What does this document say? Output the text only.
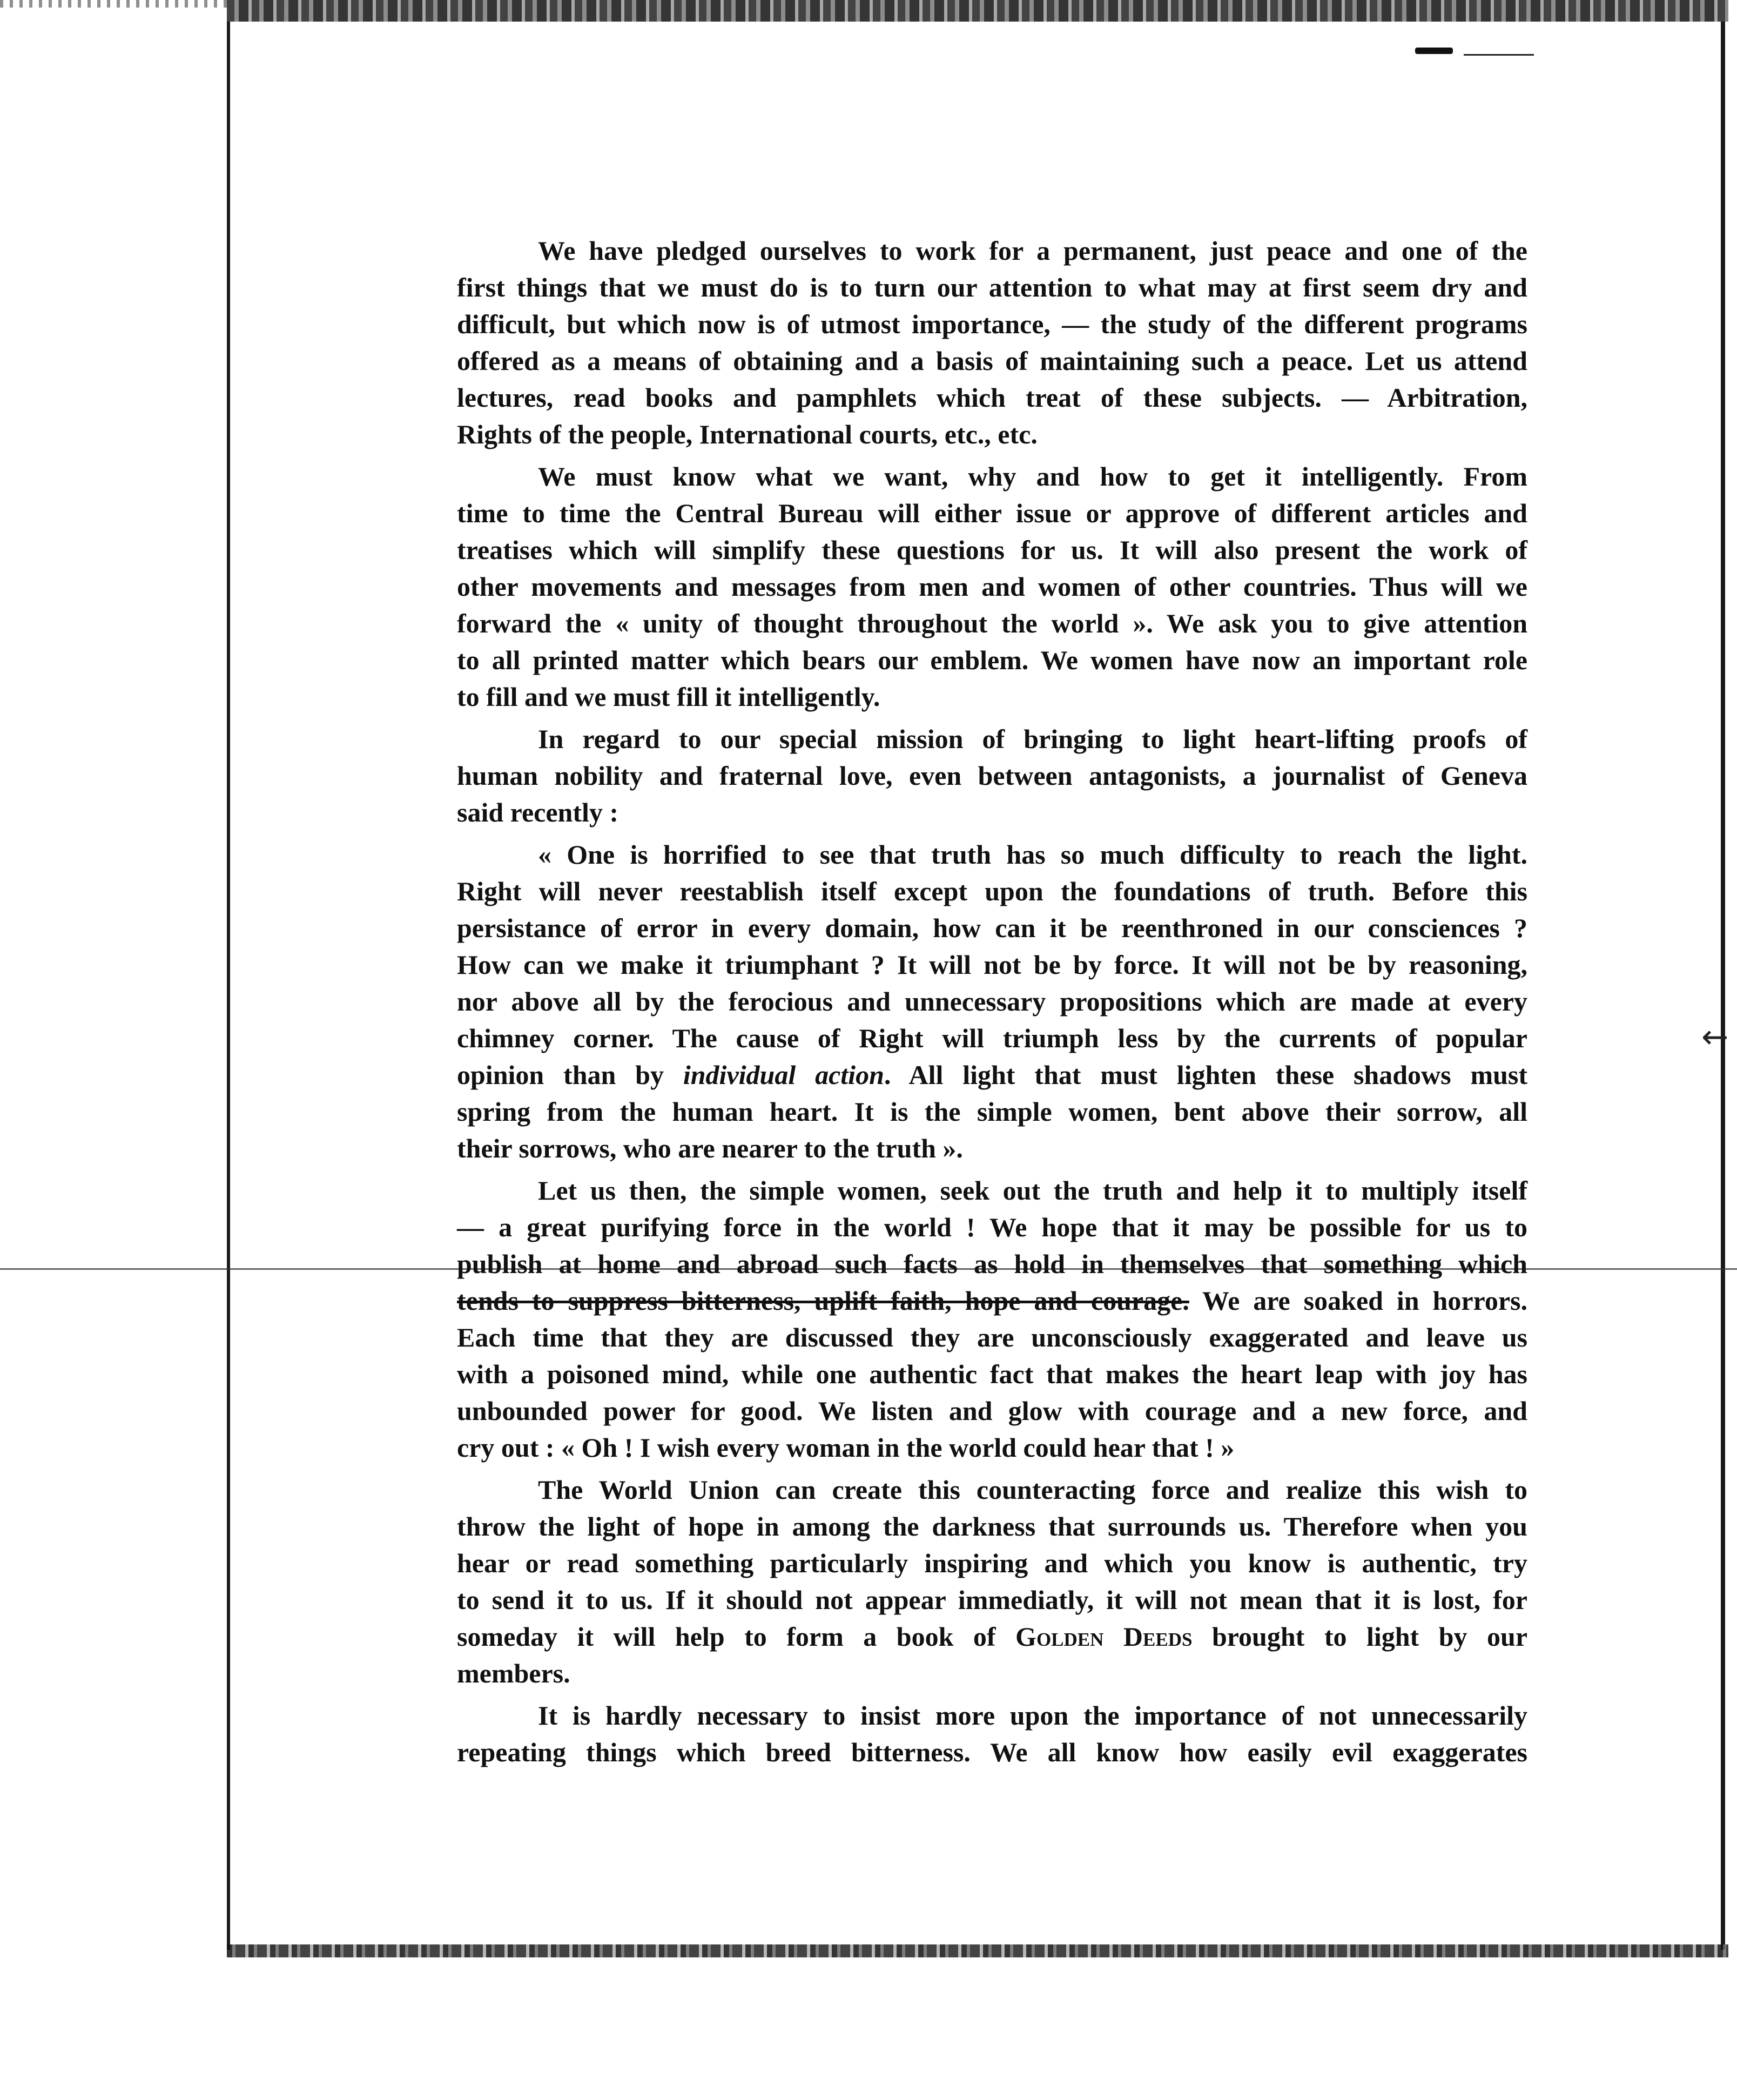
←
We have pledged ourselves to work for a permanent, just peace and one of the
first things that we must do is to turn our attention to what may at first seem dry and
difficult, but which now is of utmost importance, — the study of the different programs
offered as a means of obtaining and a basis of maintaining such a peace. Let us attend
lectures, read books and pamphlets which treat of these subjects. — Arbitration,
Rights of the people, International courts, etc., etc.
We must know what we want, why and how to get it intelligently. From
time to time the Central Bureau will either issue or approve of different articles and
treatises which will simplify these questions for us. It will also present the work of
other movements and messages from men and women of other countries. Thus will we
forward the « unity of thought throughout the world ». We ask you to give attention
to all printed matter which bears our emblem. We women have now an important role
to fill and we must fill it intelligently.
In regard to our special mission of bringing to light heart-lifting proofs of
human nobility and fraternal love, even between antagonists, a journalist of Geneva
said recently :
« One is horrified to see that truth has so much difficulty to reach the light.
Right will never reestablish itself except upon the foundations of truth. Before this
persistance of error in every domain, how can it be reenthroned in our consciences ?
How can we make it triumphant ? It will not be by force. It will not be by reasoning,
nor above all by the ferocious and unnecessary propositions which are made at every
chimney corner. The cause of Right will triumph less by the currents of popular
opinion than by individual action. All light that must lighten these shadows must
spring from the human heart. It is the simple women, bent above their sorrow, all
their sorrows, who are nearer to the truth ».
Let us then, the simple women, seek out the truth and help it to multiply itself
— a great purifying force in the world ! We hope that it may be possible for us to
publish at home and abroad such facts as hold in themselves that something which
tends to suppress bitterness, uplift faith, hope and courage. We are soaked in horrors.
Each time that they are discussed they are unconsciously exaggerated and leave us
with a poisoned mind, while one authentic fact that makes the heart leap with joy has
unbounded power for good. We listen and glow with courage and a new force, and
cry out : « Oh ! I wish every woman in the world could hear that ! »
The World Union can create this counteracting force and realize this wish to
throw the light of hope in among the darkness that surrounds us. Therefore when you
hear or read something particularly inspiring and which you know is authentic, try
to send it to us. If it should not appear immediatly, it will not mean that it is lost, for
someday it will help to form a book of Golden Deeds brought to light by our
members.
It is hardly necessary to insist more upon the importance of not unnecessarily
repeating things which breed bitterness. We all know how easily evil exaggerates
